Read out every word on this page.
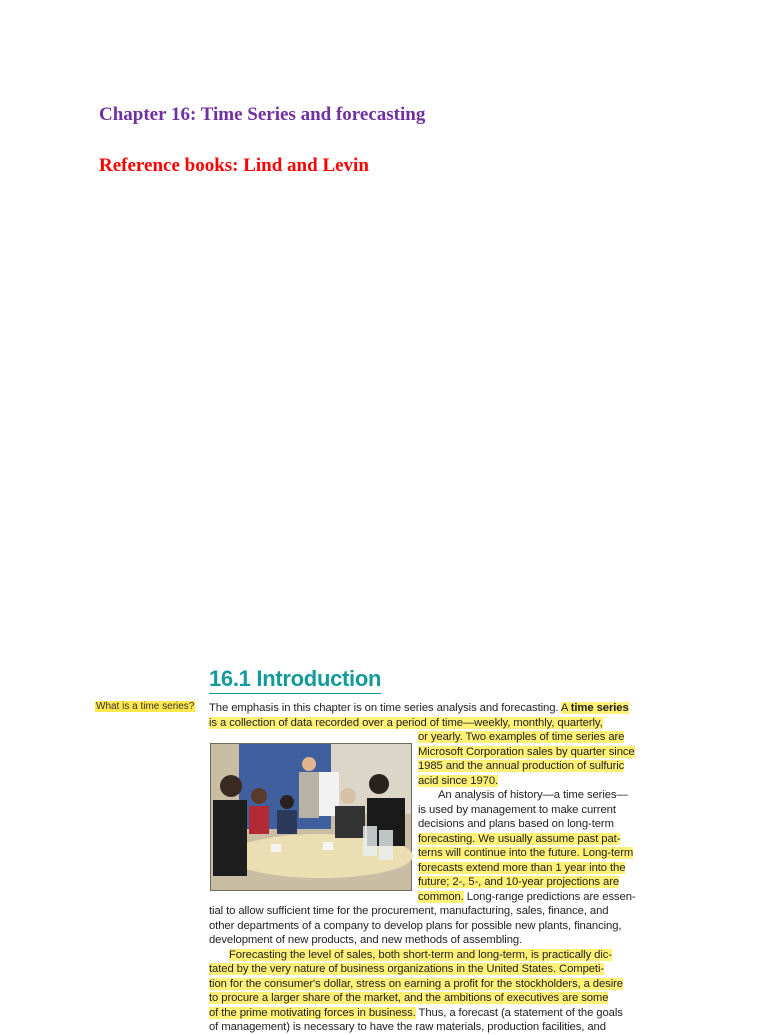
Chapter 16: Time Series and forecasting
Reference books: Lind and Levin
16.1 Introduction
What is a time series? The emphasis in this chapter is on time series analysis and forecasting. A time series
is a collection of data recorded over a period of time—weekly, monthly, quarterly,
or yearly. Two examples of time series are
Microsoft Corporation sales by quarter since
1985 and the annual production of sulfuric
acid since 1970.
An analysis of history—a time series—
is used by management to make current
decisions and plans based on long-term
forecasting. We usually assume past pat-
terns will continue into the future. Long-term
forecasts extend more than 1 year into the
future; 2-, 5-, and 10-year projections are
common. Long-range predictions are essen-
tial to allow sufficient time for the procurement, manufacturing, sales, finance, and
other departments of a company to develop plans for possible new plants, financing,
development of new products, and new methods of assembling.
Forecasting the level of sales, both short-term and long-term, is practically dic-
tated by the very nature of business organizations in the United States. Competi-
tion for the consumer's dollar, stress on earning a profit for the stockholders, a desire
to procure a larger share of the market, and the ambitions of executives are some
of the prime motivating forces in business. Thus, a forecast (a statement of the goals
of management) is necessary to have the raw materials, production facilities, and
